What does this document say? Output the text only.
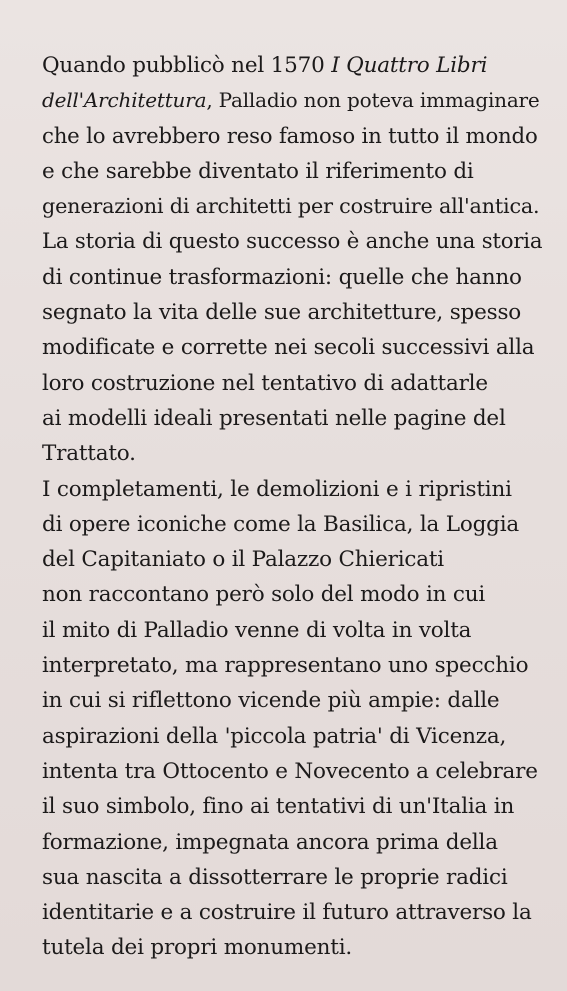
Quando pubblicò nel 1570 I Quattro Libri
dell'Architettura, Palladio non poteva immaginare
che lo avrebbero reso famoso in tutto il mondo
e che sarebbe diventato il riferimento di
generazioni di architetti per costruire all'antica.
La storia di questo successo è anche una storia
di continue trasformazioni: quelle che hanno
segnato la vita delle sue architetture, spesso
modificate e corrette nei secoli successivi alla
loro costruzione nel tentativo di adattarle
ai modelli ideali presentati nelle pagine del
Trattato.
I completamenti, le demolizioni e i ripristini
di opere iconiche come la Basilica, la Loggia
del Capitaniato o il Palazzo Chiericati
non raccontano però solo del modo in cui
il mito di Palladio venne di volta in volta
interpretato, ma rappresentano uno specchio
in cui si riflettono vicende più ampie: dalle
aspirazioni della 'piccola patria' di Vicenza,
intenta tra Ottocento e Novecento a celebrare
il suo simbolo, fino ai tentativi di un'Italia in
formazione, impegnata ancora prima della
sua nascita a dissotterrare le proprie radici
identitarie e a costruire il futuro attraverso la
tutela dei propri monumenti.
